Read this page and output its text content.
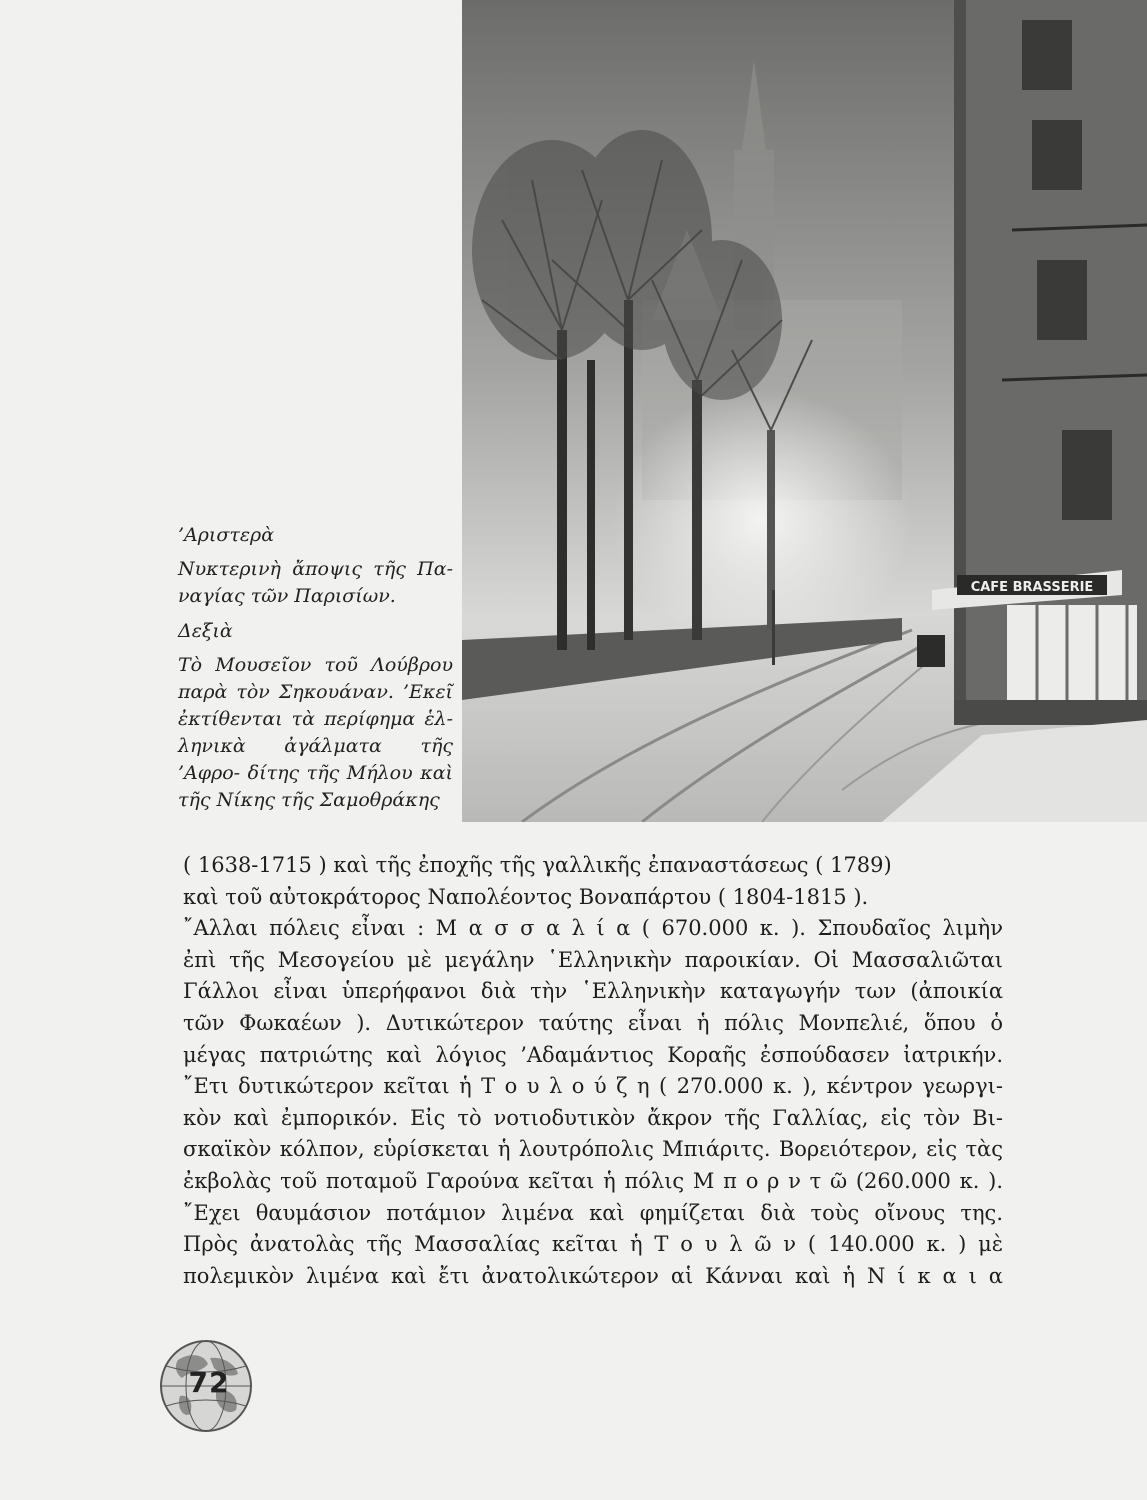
CAFE BRASSERIE

’Αριστερὰ

Νυκτερινὴ ἄποψις τῆς Πα- ναγίας τῶν Παρισίων.

Δεξιὰ

Τὸ Μουσεῖον τοῦ Λούβρου παρὰ τὸν Σηκουάναν. ’Εκεῖ ἐκτίθενται τὰ περίφημα ἑλ- ληνικὰ ἀγάλματα τῆς ’Αφρο- δίτης τῆς Μήλου καὶ τῆς Νίκης τῆς Σαμοθράκης

( 1638-1715 ) καὶ τῆς ἐποχῆς τῆς γαλλικῆς ἐπαναστάσεως ( 1789)
καὶ τοῦ αὐτοκράτορος Ναπολέοντος Βοναπάρτου ( 1804-1815 ).
῎Αλλαι πόλεις εἶναι : Μ α σ σ α λ ί α ( 670.000 κ. ). Σπουδαῖος λιμὴν
ἐπὶ τῆς Μεσογείου μὲ μεγάλην ῾Ελληνικὴν παροικίαν. Οἱ Μασσαλιῶται
Γάλλοι εἶναι ὑπερήφανοι διὰ τὴν ῾Ελληνικὴν καταγωγήν των (ἀποικία
τῶν Φωκαέων ). Δυτικώτερον ταύτης εἶναι ἡ πόλις Μονπελιέ, ὅπου ὁ
μέγας πατριώτης καὶ λόγιος ’Αδαμάντιος Κοραῆς ἐσπούδασεν ἰατρικήν.
῎Ετι δυτικώτερον κεῖται ἡ Τ ο υ λ ο ύ ζ η ( 270.000 κ. ), κέντρον γεωργι-
κὸν καὶ ἐμπορικόν. Εἰς τὸ νοτιοδυτικὸν ἄκρον τῆς Γαλλίας, εἰς τὸν Βι-
σκαϊκὸν κόλπον, εὑρίσκεται ἡ λουτρόπολις Μπιάριτς. Βορειότερον, εἰς τὰς
ἐκβολὰς τοῦ ποταμοῦ Γαρούνα κεῖται ἡ πόλις Μ π ο ρ ν τ ῶ (260.000 κ. ).
῎Εχει θαυμάσιον ποτάμιον λιμένα καὶ φημίζεται διὰ τοὺς οἴνους της.
Πρὸς ἀνατολὰς τῆς Μασσαλίας κεῖται ἡ Τ ο υ λ ῶ ν ( 140.000 κ. ) μὲ
πολεμικὸν λιμένα καὶ ἔτι ἀνατολικώτερον αἱ Κάνναι καὶ ἡ Ν ί κ α ι α
72
